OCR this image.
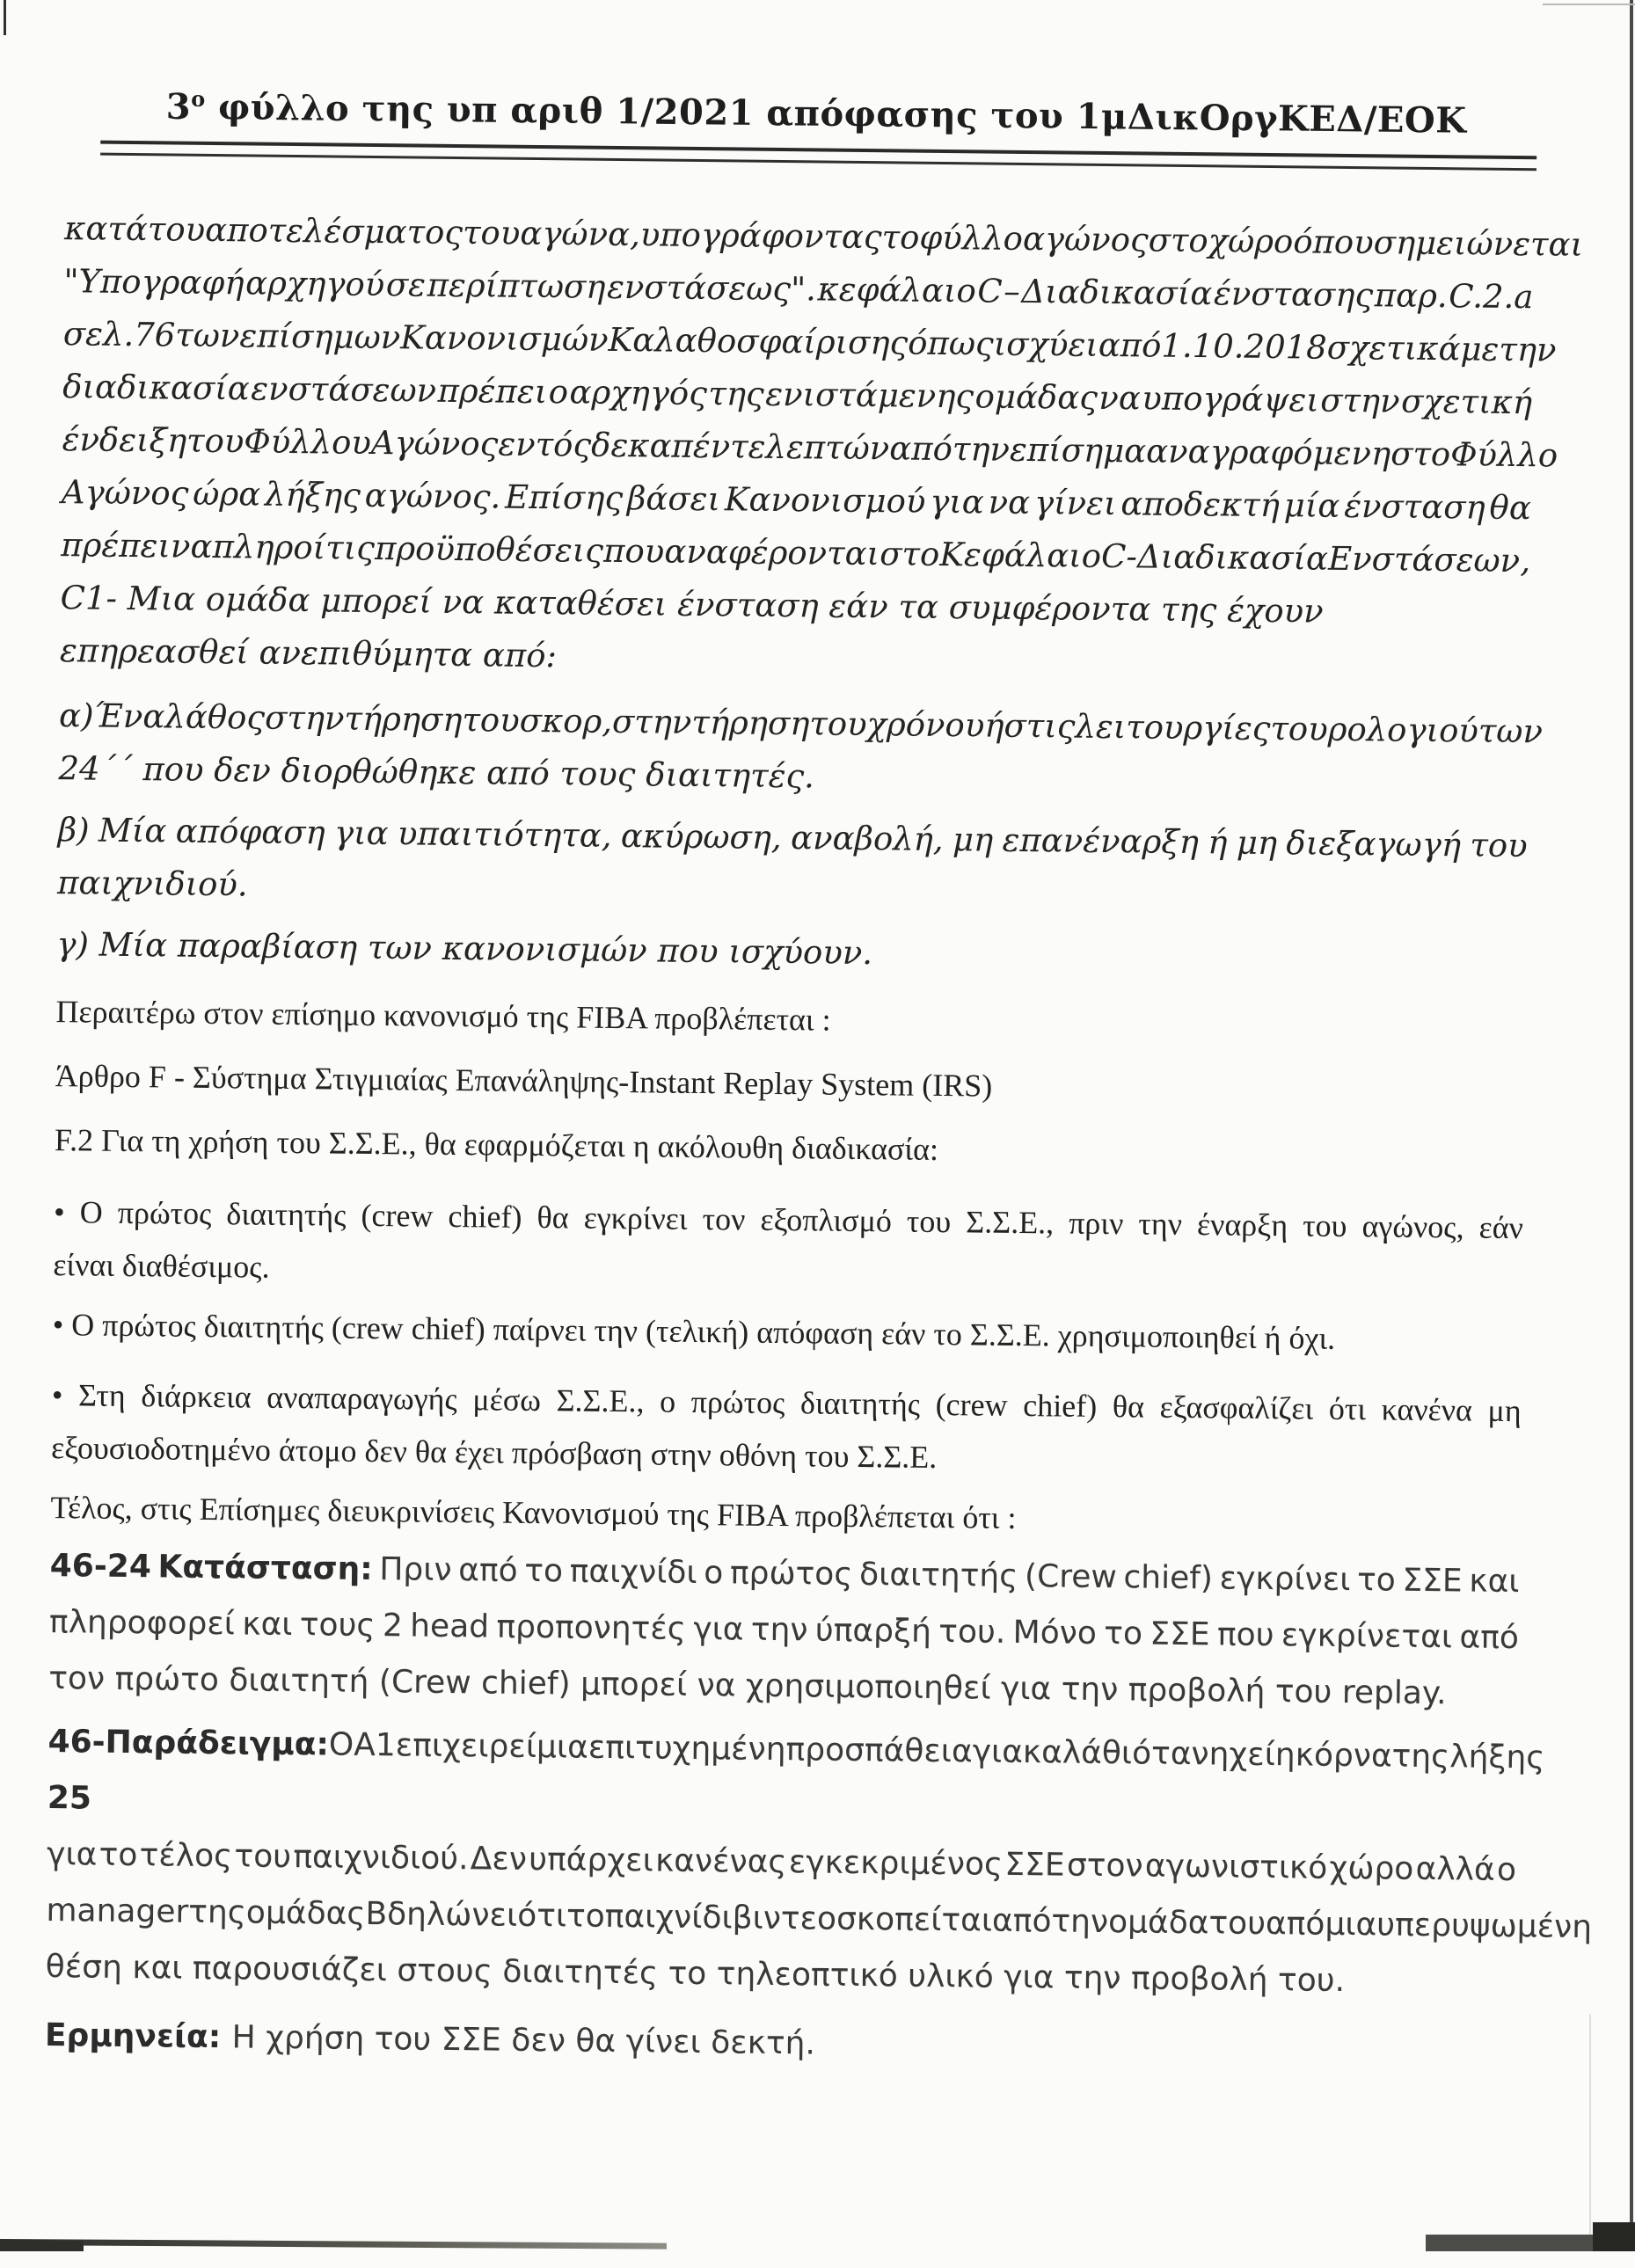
$3^o$ φύλλο της υπ αριθ 1/2021 απόφασης του 1μΔικΟργΚΕΔ/ΕΟΚ
κατά του αποτελέσματος του αγώνα, υπογράφοντας το φύλλο αγώνος στο χώρο όπου σημειώνεται
"Υπογραφή αρχηγού σε περίπτωση ενστάσεως". κεφάλαιο C – Διαδικασία ένστασης παρ. C.2.a
σελ. 76 των επίσημων Κανονισμών Καλαθοσφαίρισης όπως ισχύει από 1.10.2018 σχετικά με την
διαδικασία ενστάσεων πρέπει ο αρχηγός της ενιστάμενης ομάδας να υπογράψει στην σχετική
ένδειξη του Φύλλου Αγώνος εντός δεκαπέντε λεπτών από την επίσημα αναγραφόμενη στο Φύλλο
Αγώνος ώρα λήξης αγώνος. Επίσης βάσει Κανονισμού για να γίνει αποδεκτή μία ένσταση θα
πρέπει να πληροί τις προϋποθέσεις που αναφέρονται στο Κεφάλαιο C- Διαδικασία Ενστάσεων ,
C1- Μια ομάδα μπορεί να καταθέσει ένσταση εάν τα συμφέροντα της έχουν
επηρεασθεί ανεπιθύμητα από:
α) Ένα λάθος στην τήρηση του σκορ, στην τήρηση του χρόνου ή στις λειτουργίες του ρολογιού των
24΄΄ που δεν διορθώθηκε από τους διαιτητές.
β) Μία απόφαση για υπαιτιότητα, ακύρωση, αναβολή, μη επανέναρξη ή μη διεξαγωγή του
παιχνιδιού.
γ) Μία παραβίαση των κανονισμών που ισχύουν.
Περαιτέρω στον επίσημο κανονισμό της FIBA προβλέπεται :
Άρθρο F - Σύστημα Στιγμιαίας Επανάληψης-Instant Replay System (IRS)
F.2 Για τη χρήση του Σ.Σ.Ε., θα εφαρμόζεται η ακόλουθη διαδικασία:
• Ο πρώτος διαιτητής (crew chief) θα εγκρίνει τον εξοπλισμό του Σ.Σ.Ε., πριν την έναρξη του αγώνος, εάν
είναι διαθέσιμος.
• Ο πρώτος διαιτητής (crew chief) παίρνει την (τελική) απόφαση εάν το Σ.Σ.Ε. χρησιμοποιηθεί ή όχι.
• Στη διάρκεια αναπαραγωγής μέσω Σ.Σ.Ε., ο πρώτος διαιτητής (crew chief) θα εξασφαλίζει ότι κανένα μη
εξουσιοδοτημένο άτομο δεν θα έχει πρόσβαση στην οθόνη του Σ.Σ.Ε.
Τέλος, στις Επίσημες διευκρινίσεις Κανονισμού της FIBA προβλέπεται ότι :
46-24 Κατάσταση: Πριν από το παιχνίδι ο πρώτος διαιτητής (Crew chief) εγκρίνει το ΣΣΕ και
πληροφορεί και τους 2 head προπονητές για την ύπαρξή του. Μόνο το ΣΣΕ που εγκρίνεται από
τον πρώτο διαιτητή (Crew chief) μπορεί να χρησιμοποιηθεί για την προβολή του replay.
46-25
Παράδειγμα: Ο Α1 επιχειρεί μια επιτυχημένη προσπάθεια για καλάθι όταν ηχεί η κόρνα της λήξης
για το τέλος του παιχνιδιού. Δεν υπάρχει κανένας εγκεκριμένος ΣΣΕ στον αγωνιστικό χώρο αλλά ο
manager της ομάδας Β δηλώνει ότι το παιχνίδι βιντεοσκοπείται από την ομάδα του από μια υπερυψωμένη
θέση και παρουσιάζει στους διαιτητές το τηλεοπτικό υλικό για την προβολή του.
Ερμηνεία: Η χρήση του ΣΣΕ δεν θα γίνει δεκτή.
